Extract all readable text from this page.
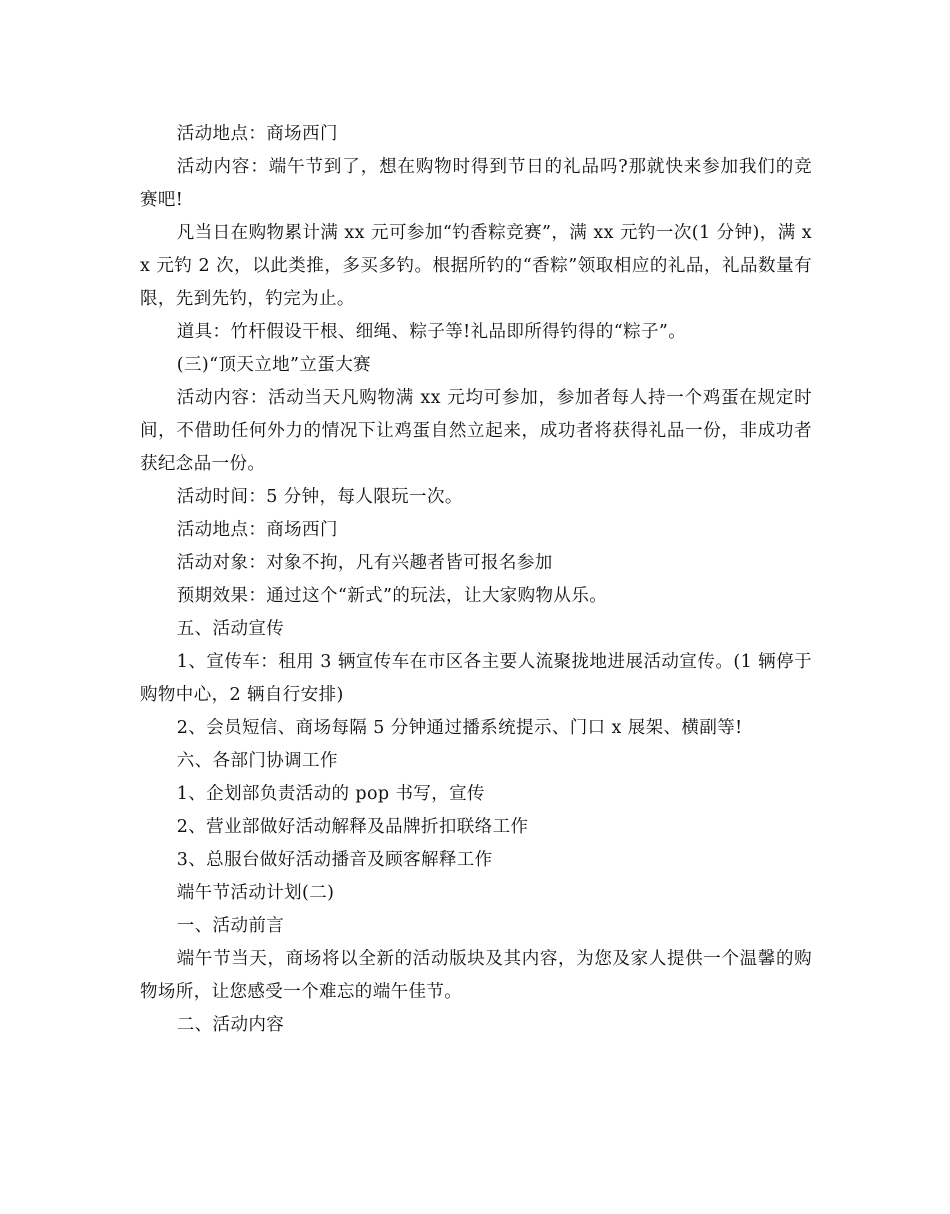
活动地点：商场西门

活动内容：端午节到了，想在购物时得到节日的礼品吗?那就快来参加我们的竞赛吧!

凡当日在购物累计满 xx 元可参加“钓香粽竞赛”，满 xx 元钓一次(1 分钟)，满 xx 元钓 2 次，以此类推，多买多钓。根据所钓的“香粽”领取相应的礼品，礼品数量有限，先到先钓，钓完为止。

道具：竹杆假设干根、细绳、粽子等!礼品即所得钓得的“粽子”。

(三)“顶天立地”立蛋大赛

活动内容：活动当天凡购物满 xx 元均可参加，参加者每人持一个鸡蛋在规定时间，不借助任何外力的情况下让鸡蛋自然立起来，成功者将获得礼品一份，非成功者获纪念品一份。

活动时间：5 分钟，每人限玩一次。

活动地点：商场西门

活动对象：对象不拘，凡有兴趣者皆可报名参加

预期效果：通过这个“新式”的玩法，让大家购物从乐。

五、活动宣传

1、宣传车：租用 3 辆宣传车在市区各主要人流聚拢地进展活动宣传。(1 辆停于购物中心，2 辆自行安排)

2、会员短信、商场每隔 5 分钟通过播系统提示、门口 x 展架、横副等!

六、各部门协调工作

1、企划部负责活动的 pop 书写，宣传

2、营业部做好活动解释及品牌折扣联络工作

3、总服台做好活动播音及顾客解释工作

端午节活动计划(二)

一、活动前言

端午节当天，商场将以全新的活动版块及其内容，为您及家人提供一个温馨的购物场所，让您感受一个难忘的端午佳节。

二、活动内容
